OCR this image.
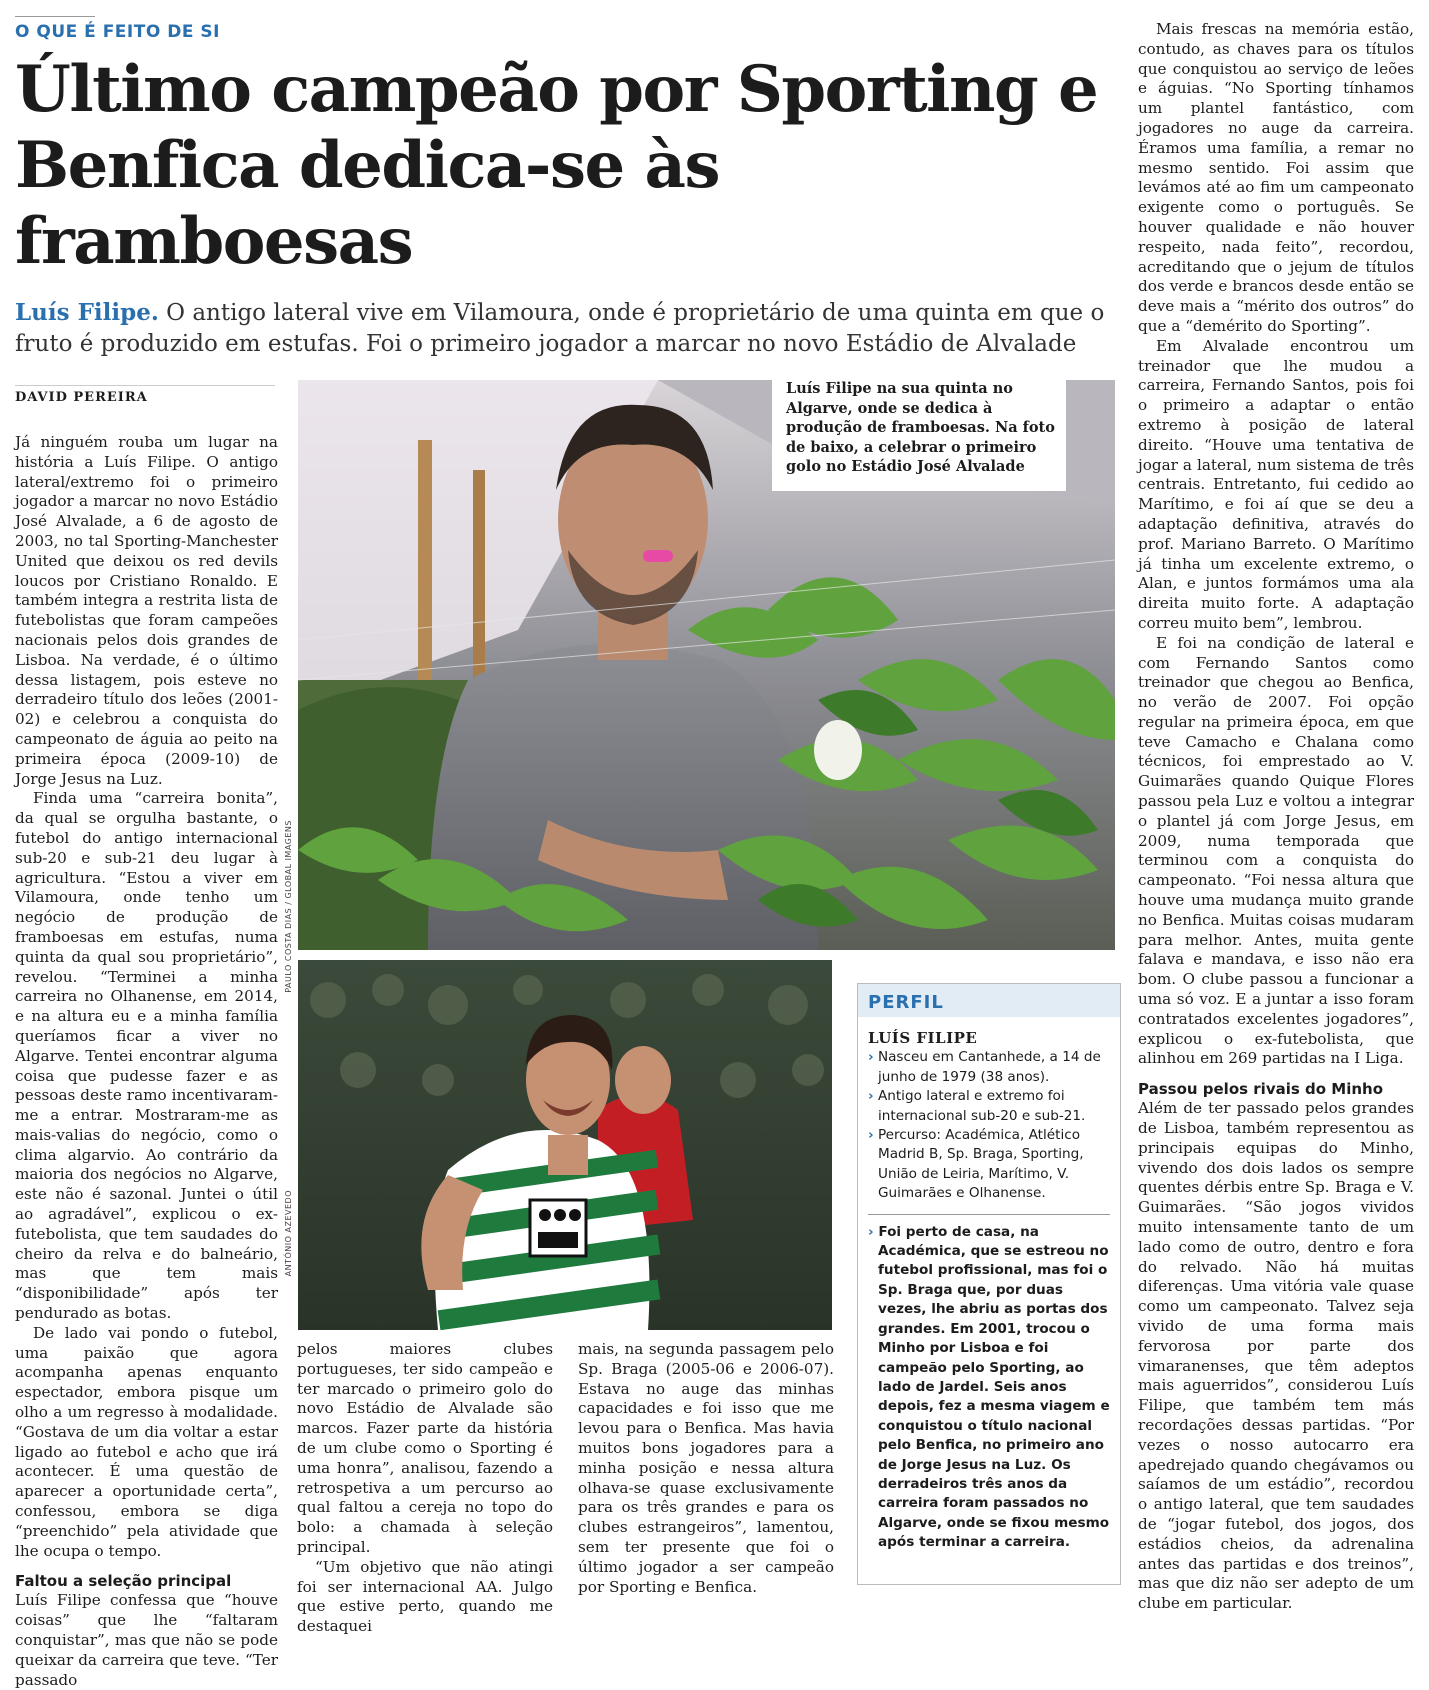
O QUE É FEITO DE SI
Último campeão por Sporting e Benfica dedica-se às framboesas
Luís Filipe. O antigo lateral vive em Vilamoura, onde é proprietário de uma quinta em que o fruto é produzido em estufas. Foi o primeiro jogador a marcar no novo Estádio de Alvalade
DAVID PEREIRA

Já ninguém rouba um lugar na história a Luís Filipe. O antigo lateral/extremo foi o primeiro jogador a marcar no novo Estádio José Alvalade, a 6 de agosto de 2003, no tal Sporting-Manchester United que deixou os red devils loucos por Cristiano Ronaldo. E também integra a restrita lista de futebolistas que foram campeões nacionais pelos dois grandes de Lisboa. Na verdade, é o último dessa listagem, pois esteve no derradeiro título dos leões (2001-02) e celebrou a conquista do campeonato de águia ao peito na primeira época (2009-10) de Jorge Jesus na Luz.

Finda uma “carreira bonita”, da qual se orgulha bastante, o futebol do antigo internacional sub-20 e sub-21 deu lugar à agricultura. “Estou a viver em Vilamoura, onde tenho um negócio de produção de framboesas em estufas, numa quinta da qual sou proprietário”, revelou. “Terminei a minha carreira no Olhanense, em 2014, e na altura eu e a minha família queríamos ficar a viver no Algarve. Tentei encontrar alguma coisa que pudesse fazer e as pessoas deste ramo incentivaram-me a entrar. Mostraram-me as mais-valias do negócio, como o clima algarvio. Ao contrário da maioria dos negócios no Algarve, este não é sazonal. Juntei o útil ao agradável”, explicou o ex-futebolista, que tem saudades do cheiro da relva e do balneário, mas que tem mais “disponibilidade” após ter pendurado as botas.

De lado vai pondo o futebol, uma paixão que agora acompanha apenas enquanto espectador, embora pisque um olho a um regresso à modalidade. “Gostava de um dia voltar a estar ligado ao futebol e acho que irá acontecer. É uma questão de aparecer a oportunidade certa”, confessou, embora se diga “preenchido” pela atividade que lhe ocupa o tempo.

Faltou a seleção principal

Luís Filipe confessa que “houve coisas” que lhe “faltaram conquistar”, mas que não se pode queixar da carreira que teve. “Ter passado

PAULO COSTA DIAS / GLOBAL IMAGENS
Luís Filipe na sua quinta no Algarve, onde se dedica à produção de framboesas. Na foto de baixo, a celebrar o primeiro golo no Estádio José Alvalade
ANTÓNIO AZEVEDO

pelos maiores clubes portugueses, ter sido campeão e ter marcado o primeiro golo do novo Estádio de Alvalade são marcos. Fazer parte da história de um clube como o Sporting é uma honra”, analisou, fazendo a retrospetiva a um percurso ao qual faltou a cereja no topo do bolo: a chamada à seleção principal.

“Um objetivo que não atingi foi ser internacional AA. Julgo que estive perto, quando me destaquei

mais, na segunda passagem pelo Sp. Braga (2005-06 e 2006-07). Estava no auge das minhas capacidades e foi isso que me levou para o Benfica. Mas havia muitos bons jogadores para a minha posição e nessa altura olhava-se quase exclusivamente para os três grandes e para os clubes estrangeiros”, lamentou, sem ter presente que foi o último jogador a ser campeão por Sporting e Benfica.

PERFIL
LUÍS FILIPE

› Nasceu em Cantanhede, a 14 de junho de 1979 (38 anos).

› Antigo lateral e extremo foi internacional sub-20 e sub-21.

› Percurso: Académica, Atlético Madrid B, Sp. Braga, Sporting, União de Leiria, Marítimo, V. Guimarães e Olhanense.

› Foi perto de casa, na Académica, que se estreou no futebol profissional, mas foi o Sp. Braga que, por duas vezes, lhe abriu as portas dos grandes. Em 2001, trocou o Minho por Lisboa e foi campeão pelo Sporting, ao lado de Jardel. Seis anos depois, fez a mesma viagem e conquistou o título nacional pelo Benfica, no primeiro ano de Jorge Jesus na Luz. Os derradeiros três anos da carreira foram passados no Algarve, onde se fixou mesmo após terminar a carreira.

Mais frescas na memória estão, contudo, as chaves para os títulos que conquistou ao serviço de leões e águias. “No Sporting tínhamos um plantel fantástico, com jogadores no auge da carreira. Éramos uma família, a remar no mesmo sentido. Foi assim que levámos até ao fim um campeonato exigente como o português. Se houver qualidade e não houver respeito, nada feito”, recordou, acreditando que o jejum de títulos dos verde e brancos desde então se deve mais a “mérito dos outros” do que a “demérito do Sporting”.

Em Alvalade encontrou um treinador que lhe mudou a carreira, Fernando Santos, pois foi o primeiro a adaptar o então extremo à posição de lateral direito. “Houve uma tentativa de jogar a lateral, num sistema de três centrais. Entretanto, fui cedido ao Marítimo, e foi aí que se deu a adaptação definitiva, através do prof. Mariano Barreto. O Marítimo já tinha um excelente extremo, o Alan, e juntos formámos uma ala direita muito forte. A adaptação correu muito bem”, lembrou.

E foi na condição de lateral e com Fernando Santos como treinador que chegou ao Benfica, no verão de 2007. Foi opção regular na primeira época, em que teve Camacho e Chalana como técnicos, foi emprestado ao V. Guimarães quando Quique Flores passou pela Luz e voltou a integrar o plantel já com Jorge Jesus, em 2009, numa temporada que terminou com a conquista do campeonato. “Foi nessa altura que houve uma mudança muito grande no Benfica. Muitas coisas mudaram para melhor. Antes, muita gente falava e mandava, e isso não era bom. O clube passou a funcionar a uma só voz. E a juntar a isso foram contratados excelentes jogadores”, explicou o ex-futebolista, que alinhou em 269 partidas na I Liga.

Passou pelos rivais do Minho

Além de ter passado pelos grandes de Lisboa, também representou as principais equipas do Minho, vivendo dos dois lados os sempre quentes dérbis entre Sp. Braga e V. Guimarães. “São jogos vividos muito intensamente tanto de um lado como de outro, dentro e fora do relvado. Não há muitas diferenças. Uma vitória vale quase como um campeonato. Talvez seja vivido de uma forma mais fervorosa por parte dos vimaranenses, que têm adeptos mais aguerridos”, considerou Luís Filipe, que também tem más recordações dessas partidas. “Por vezes o nosso autocarro era apedrejado quando chegávamos ou saíamos de um estádio”, recordou o antigo lateral, que tem saudades de “jogar futebol, dos jogos, dos estádios cheios, da adrenalina antes das partidas e dos treinos”, mas que diz não ser adepto de um clube em particular.
